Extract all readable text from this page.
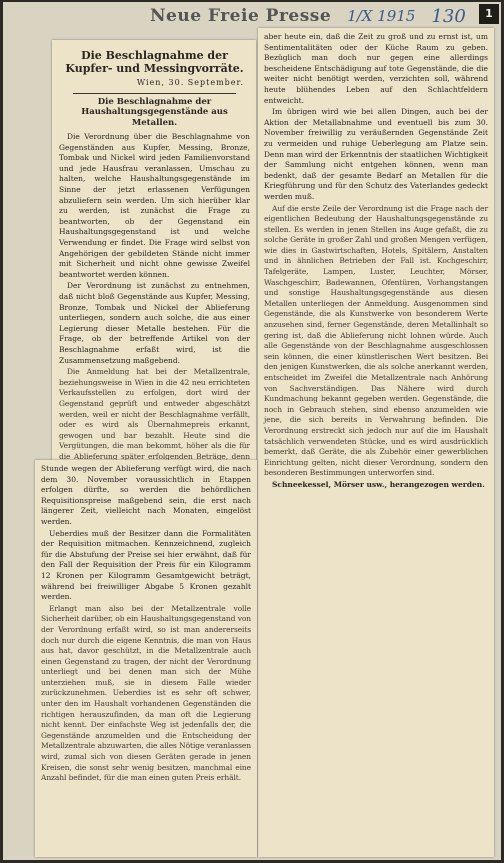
1
Neue Freie Presse 1/X 1915 130
Die Beschlagnahme der Kupfer- und Messingvorräte.
Wien, 30. September.
Die Beschlagnahme der Haushaltungsgegenstände aus Metallen.

Die Verordnung über die Beschlagnahme von Gegenständen aus Kupfer, Messing, Bronze, Tombak und Nickel wird jeden Familienvorstand und jede Hausfrau veranlassen, Umschau zu halten, welche Haushaltungsgegenstände im Sinne der jetzt erlassenen Verfügungen abzuliefern sein werden. Um sich hierüber klar zu werden, ist zunächst die Frage zu beantworten, ob der Gegenstand ein Haushaltungsgegenstand ist und welche Verwendung er findet. Die Frage wird selbst von Angehörigen der gebildeten Stände nicht immer mit Sicherheit und nicht ohne gewisse Zweifel beantwortet werden können.

Der Verordnung ist zunächst zu entnehmen, daß nicht bloß Gegenstände aus Kupfer, Messing, Bronze, Tombak und Nickel der Ablieferung unterliegen, sondern auch solche, die aus einer Legierung dieser Metalle bestehen. Für die Frage, ob der betreffende Artikel von der Beschlagnahme erfaßt wird, ist die Zusammensetzung maßgebend.

Die Anmeldung hat bei der Metallzentrale, beziehungsweise in Wien in die 42 neu errichteten Verkaufsstellen zu erfolgen, dort wird der Gegenstand geprüft und entweder abgeschätzt werden, weil er nicht der Beschlagnahme verfällt, oder es wird als Übernahmepreis erkannt, gewogen und bar bezahlt. Heute sind die Vergütungen, die man bekommt, höher als die für die Ablieferung später erfolgenden Beträge, denn

aber heute ein, daß die Zeit zu groß und zu ernst ist, um Sentimentalitäten oder der Küche Raum zu geben. Bezüglich man doch nur gegen eine allerdings bescheidene Entschädigung auf tote Gegenstände, die die weiter nicht benötigt werden, verzichten soll, während heute blühendes Leben auf den Schlachtfeldern entweicht.

Im übrigen wird wie bei allen Dingen, auch bei der Aktion der Metallabnahme und eventuell bis zum 30. November freiwillig zu veräußernden Gegenstände Zeit zu vermeiden und ruhige Ueberlegung am Platze sein. Denn man wird der Erkenntnis der staatlichen Wichtigkeit der Sammlung nicht entgehen können, wenn man bedenkt, daß der gesamte Bedarf an Metallen für die Kriegführung und für den Schutz des Vaterlandes gedeckt werden muß.

Auf die erste Zeile der Verordnung ist die Frage nach der eigentlichen Bedeutung der Haushaltungsgegenstände zu stellen. Es werden in jenen Stellen ins Auge gefaßt, die zu solche Geräte in großer Zahl und großen Mengen verfügen, wie dies in Gastwirtschaften, Hotels, Spitälern, Anstalten und in ähnlichen Betrieben der Fall ist. Kochgeschirr, Tafelgeräte, Lampen, Luster, Leuchter, Mörser, Waschgeschirr, Badewannen, Ofentüren, Vorhangstangen und sonstige Haushaltungsgegenstände aus diesen Metallen unterliegen der Anmeldung. Ausgenommen sind Gegenstände, die als Kunstwerke von besonderem Werte anzusehen sind, ferner Gegenstände, deren Metallinhalt so gering ist, daß die Ablieferung nicht lohnen würde. Auch alle Gegenstände von der Beschlagnahme ausgeschlossen sein können, die einer künstlerischen Wert besitzen. Bei den jenigen Kunstwerken, die als solche anerkannt werden, entscheidet im Zweifel die Metallzentrale nach Anhörung von Sachverständigen. Das Nähere wird durch Kundmachung bekannt gegeben werden. Gegenstände, die noch in Gebrauch stehen, sind ebenso anzumelden wie jene, die sich bereits in Verwahrung befinden. Die Verordnung erstreckt sich jedoch nur auf die im Haushalt tatsächlich verwendeten Stücke, und es wird ausdrücklich bemerkt, daß Geräte, die als Zubehör einer gewerblichen Einrichtung gelten, nicht dieser Verordnung, sondern den besonderen Bestimmungen unterworfen sind.

Schneekessel, Mörser usw., herangezogen werden.

Stunde wegen der Ablieferung verfügt wird, die nach dem 30. November voraussichtlich in Etappen erfolgen dürfte, so werden die behördlichen Requisitionspreise maßgebend sein, die erst nach längerer Zeit, vielleicht nach Monaten, eingelöst werden.

Ueberdies muß der Besitzer dann die Formalitäten der Requisition mitmachen. Kennzeichnend, zugleich für die Abstufung der Preise sei hier erwähnt, daß für den Fall der Requisition der Preis für ein Kilogramm 12 Kronen per Kilogramm Gesamtgewicht beträgt, während bei freiwilliger Abgabe 5 Kronen gezahlt werden.

Erlangt man also bei der Metallzentrale volle Sicherheit darüber, ob ein Haushaltungsgegenstand von der Verordnung erfaßt wird, so ist man andererseits doch nur durch die eigene Kenntnis, die man von Haus aus hat, davor geschützt, in die Metallzentrale auch einen Gegenstand zu tragen, der nicht der Verordnung unterliegt und bei denen man sich der Mühe unterziehen muß, sie in diesem Falle wieder zurückzunehmen. Ueberdies ist es sehr oft schwer, unter den im Haushalt vorhandenen Gegenständen die richtigen herauszufinden, da man oft die Legierung nicht kennt. Der einfachste Weg ist jedenfalls der, die Gegenstände anzumelden und die Entscheidung der Metallzentrale abzuwarten, die alles Nötige veranlassen wird, zumal sich von diesen Geräten gerade in jenen Kreisen, die sonst sehr wenig besitzen, manchmal eine Anzahl befindet, für die man einen guten Preis erhält.
